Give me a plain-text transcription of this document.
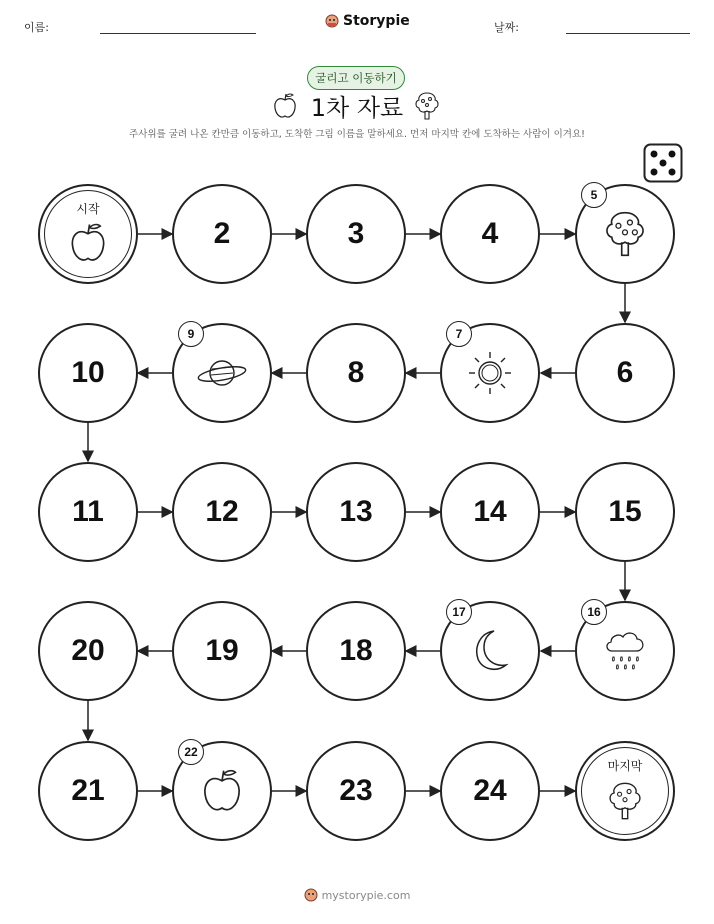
이름:	Storypie	날짜:
굴리고 이동하기
1차 자료
주사위를 굴려 나온 칸만큼 이동하고, 도착한 그림 이름을 말하세요. 먼저 마지막 칸에 도착하는 사람이 이겨요!
시작
2	3	4
5
10
9
8
7
6
11	12	13	14	15
20	19	18
17	16
21
22
23	24
마지막
mystorypie.com
